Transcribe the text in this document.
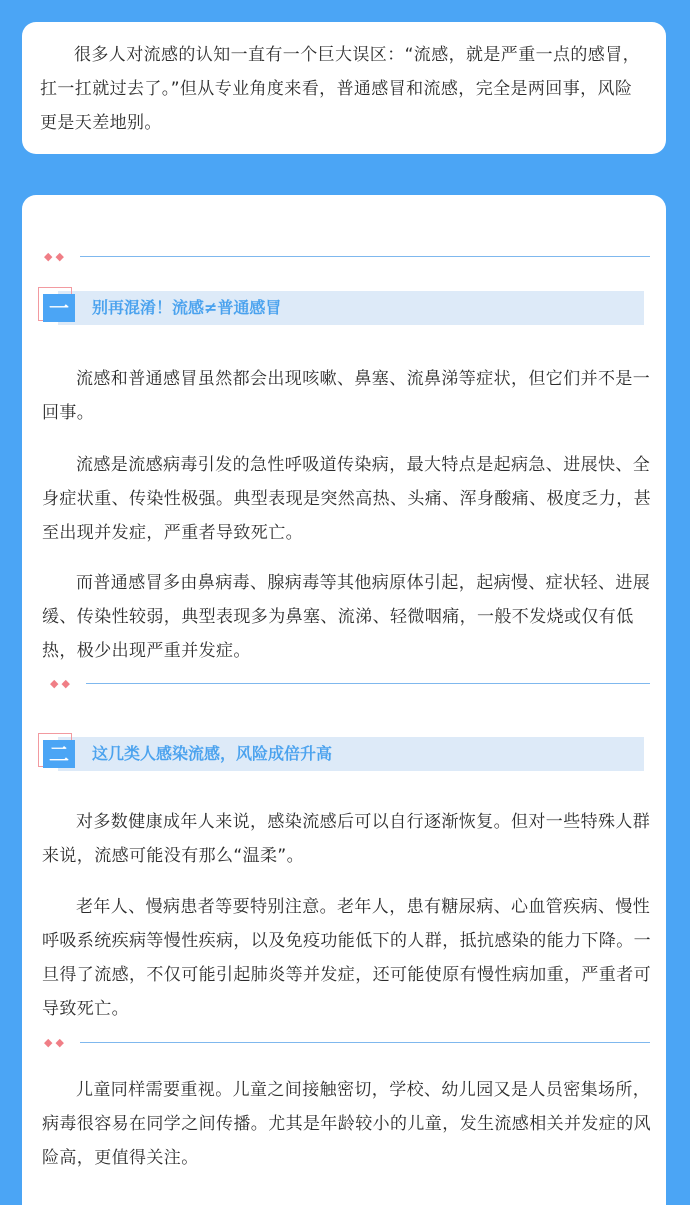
很多人对流感的认知一直有一个巨大误区：“流感，就是严重一点的感冒，扛一扛就过去了。”但从专业角度来看，普通感冒和流感，完全是两回事，风险更是天差地别。

◆◆
一	别再混淆！流感≠普通感冒

流感和普通感冒虽然都会出现咳嗽、鼻塞、流鼻涕等症状，但它们并不是一回事。

流感是流感病毒引发的急性呼吸道传染病，最大特点是起病急、进展快、全身症状重、传染性极强。典型表现是突然高热、头痛、浑身酸痛、极度乏力，甚至出现并发症，严重者导致死亡。

而普通感冒多由鼻病毒、腺病毒等其他病原体引起，起病慢、症状轻、进展缓、传染性较弱，典型表现多为鼻塞、流涕、轻微咽痛，一般不发烧或仅有低热，极少出现严重并发症。

◆◆
二	这几类人感染流感，风险成倍升高

对多数健康成年人来说，感染流感后可以自行逐渐恢复。但对一些特殊人群来说，流感可能没有那么“温柔”。

老年人、慢病患者等要特别注意。老年人，患有糖尿病、心血管疾病、慢性呼吸系统疾病等慢性疾病，以及免疫功能低下的人群，抵抗感染的能力下降。一旦得了流感，不仅可能引起肺炎等并发症，还可能使原有慢性病加重，严重者可导致死亡。

◆◆

儿童同样需要重视。儿童之间接触密切，学校、幼儿园又是人员密集场所，病毒很容易在同学之间传播。尤其是年龄较小的儿童，发生流感相关并发症的风险高，更值得关注。
